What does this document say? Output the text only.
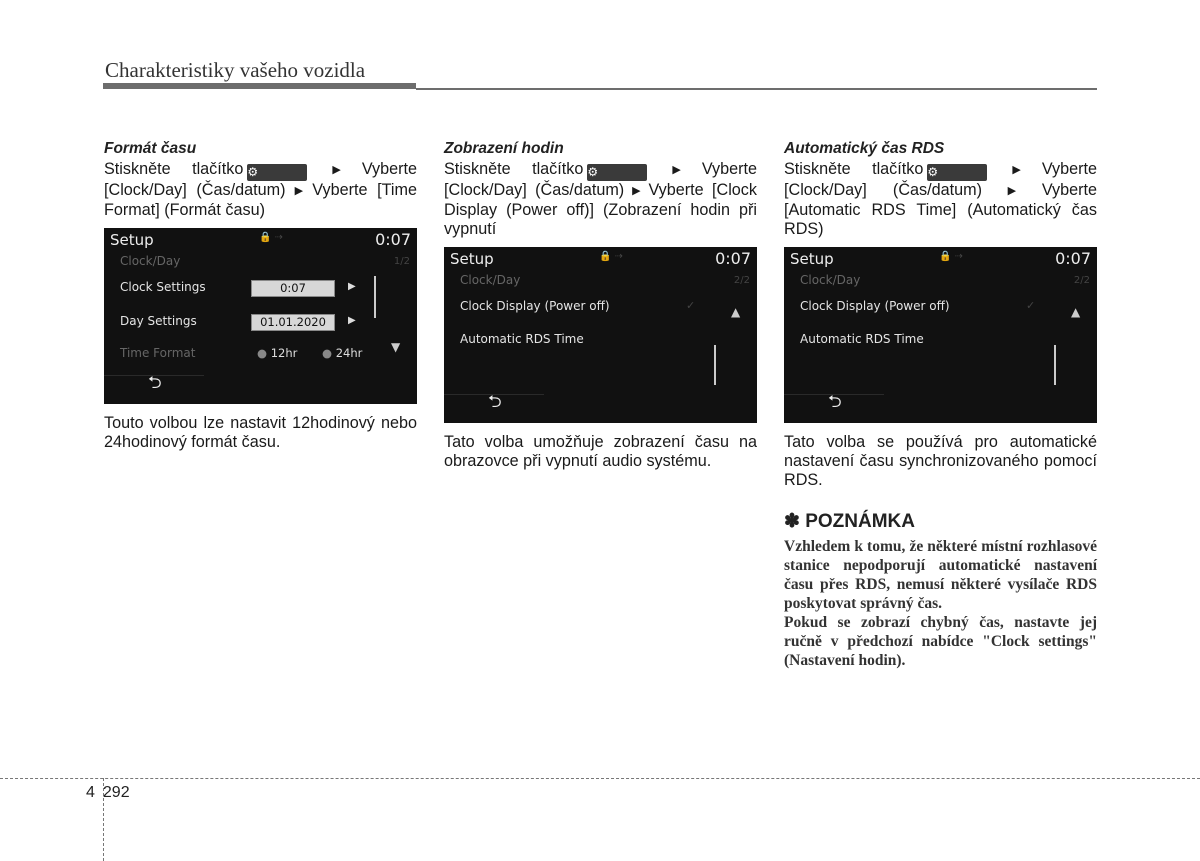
Charakteristiky vašeho vozidla

Formát času

Stiskněte tlačítko ⚙	▶ Vyberte [Clock/Day] (Čas/datum) ▶ Vyberte [Time Format] (Formát času)

Setup	🔒 ⇢	0:07
1/2
Clock/Day
Clock Settings	0:07	▶
Day Settings	01.01.2020	▶
Time Format	● 12hr ● 24hr ▼
⮌

Touto volbou lze nastavit 12hodinový nebo 24hodinový formát času.

Zobrazení hodin

Stiskněte tlačítko ⚙	▶ Vyberte [Clock/Day] (Čas/datum) ▶ Vyberte [Clock Display (Power off)] (Zobrazení hodin při vypnutí

Setup	🔒 ⇢	0:07
2/2
Clock/Day
Clock Display (Power off)	✓
Automatic RDS Time
▲
⮌

Tato volba umožňuje zobrazení času na obrazovce při vypnutí audio systému.

Automatický čas RDS

Stiskněte tlačítko ⚙	▶ Vyberte [Clock/Day] (Čas/datum) ▶ Vyberte [Automatic RDS Time] (Automatický čas RDS)

Setup	🔒 ⇢	0:07
2/2
Clock/Day
Clock Display (Power off)	✓
Automatic RDS Time
▲
⮌

Tato volba se používá pro automatické nastavení času synchronizovaného pomocí RDS.

✽ POZNÁMKA

Vzhledem k tomu, že některé místní rozhlasové stanice nepodporují automatické nastavení času přes RDS, nemusí některé vysílače RDS poskytovat správný čas.

Pokud se zobrazí chybný čas, nastavte jej ručně v předchozí nabídce "Clock settings" (Nastavení hodin).

4 292
